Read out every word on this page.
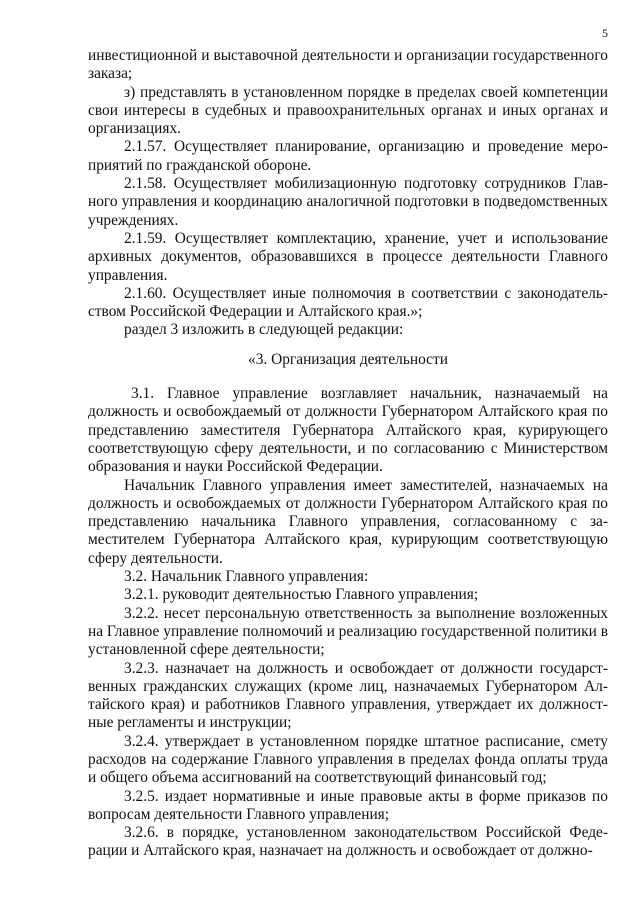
5

инвестиционной и выставочной деятельности и организации государственного заказа;

з) представлять в установленном порядке в пределах своей компетенции свои интересы в судебных и правоохранительных органах и иных органах и организациях.

2.1.57. Осуществляет планирование, организацию и проведение мероприятий по гражданской обороне.

2.1.58. Осуществляет мобилизационную подготовку сотрудников Главного управления и координацию аналогичной подготовки в подведомственных учреждениях.

2.1.59. Осуществляет комплектацию, хранение, учет и использование архивных документов, образовавшихся в процессе деятельности Главного управления.

2.1.60. Осуществляет иные полномочия в соответствии с законодательством Российской Федерации и Алтайского края.»;

раздел 3 изложить в следующей редакции:

«3. Организация деятельности

3.1. Главное управление возглавляет начальник, назначаемый на должность и освобождаемый от должности Губернатором Алтайского края по представлению заместителя Губернатора Алтайского края, курирующего соответствующую сферу деятельности, и по согласованию с Министерством образования и науки Российской Федерации.

Начальник Главного управления имеет заместителей, назначаемых на должность и освобождаемых от должности Губернатором Алтайского края по представлению начальника Главного управления, согласованному с заместителем Губернатора Алтайского края, курирующим соответствующую сферу деятельности.

3.2. Начальник Главного управления:

3.2.1. руководит деятельностью Главного управления;

3.2.2. несет персональную ответственность за выполнение возложенных на Главное управление полномочий и реализацию государственной политики в установленной сфере деятельности;

3.2.3. назначает на должность и освобождает от должности государственных гражданских служащих (кроме лиц, назначаемых Губернатором Алтайского края) и работников Главного управления, утверждает их должностные регламенты и инструкции;

3.2.4. утверждает в установленном порядке штатное расписание, смету расходов на содержание Главного управления в пределах фонда оплаты труда и общего объема ассигнований на соответствующий финансовый год;

3.2.5. издает нормативные и иные правовые акты в форме приказов по вопросам деятельности Главного управления;

3.2.6. в порядке, установленном законодательством Российской Федерации и Алтайского края, назначает на должность и освобождает от должно-
